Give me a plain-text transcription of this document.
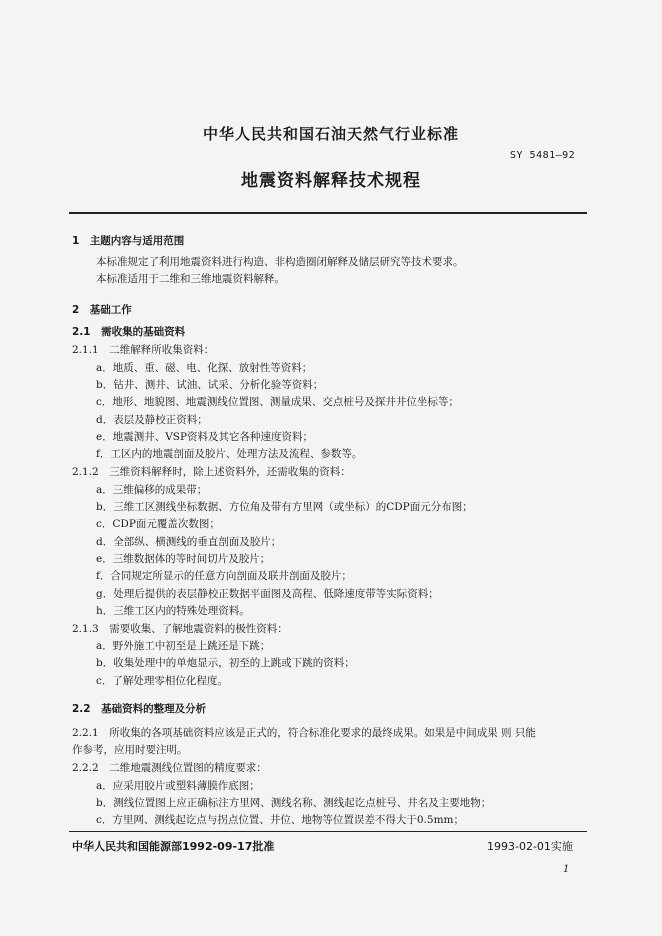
中华人民共和国石油天然气行业标准
SY 5481—92
地震资料解释技术规程
1　主题内容与适用范围
本标准规定了利用地震资料进行构造、非构造圈闭解释及储层研究等技术要求。
本标准适用于二维和三维地震资料解释。
2　基础工作
2.1　需收集的基础资料
2.1.1　二维解释所收集资料：
a．地质、重、磁、电、化探、放射性等资料；
b．钻井、测井、试油、试采、分析化验等资料；
c．地形、地貌图、地震测线位置图、测量成果、交点桩号及探井井位坐标等；
d．表层及静校正资料；
e．地震测井、VSP资料及其它各种速度资料；
f．工区内的地震剖面及胶片、处理方法及流程、参数等。
2.1.2　三维资料解释时，除上述资料外，还需收集的资料：
a．三维偏移的成果带；
b．三维工区测线坐标数据、方位角及带有方里网（或坐标）的CDP面元分布图；
c．CDP面元覆盖次数图；
d．全部纵、横测线的垂直剖面及胶片；
e．三维数据体的等时间切片及胶片；
f．合同规定所显示的任意方向剖面及联井剖面及胶片；
g．处理后提供的表层静校正数据平面图及高程、低降速度带等实际资料；
h．三维工区内的特殊处理资料。
2.1.3　需要收集、了解地震资料的极性资料：
a．野外施工中初至是上跳还是下跳；
b．收集处理中的单炮显示，初至的上跳或下跳的资料；
c．了解处理零相位化程度。
2.2　基础资料的整理及分析
2.2.1　所收集的各项基础资料应该是正式的，符合标准化要求的最终成果。如果是中间成果 则 只能
作参考，应用时要注明。
2.2.2　二维地震测线位置图的精度要求：
a．应采用胶片或塑料薄膜作底图；
b．测线位置图上应正确标注方里网、测线名称、测线起讫点桩号、井名及主要地物；
c．方里网、测线起讫点与拐点位置、井位、地物等位置误差不得大于0.5mm；
中华人民共和国能源部1992-09-17批准	1993-02-01实施
1
